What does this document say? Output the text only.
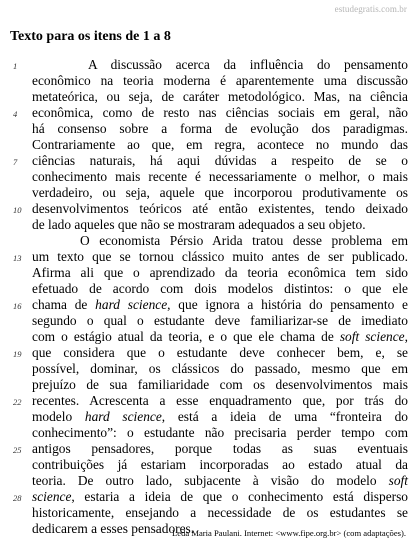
estudegratis.com.br
Texto para os itens de 1 a 8
1
4
7
10
13
16
19
22
25
28
A discussão acerca da influência do pensamento
econômico na teoria moderna é aparentemente uma discussão
metateórica, ou seja, de caráter metodológico. Mas, na ciência
econômica, como de resto nas ciências sociais em geral, não
há consenso sobre a forma de evolução dos paradigmas.
Contrariamente ao que, em regra, acontece no mundo das
ciências naturais, há aqui dúvidas a respeito de se o
conhecimento mais recente é necessariamente o melhor, o mais
verdadeiro, ou seja, aquele que incorporou produtivamente os
desenvolvimentos teóricos até então existentes, tendo deixado
de lado aqueles que não se mostraram adequados a seu objeto.
O economista Pérsio Arida tratou desse problema em
um texto que se tornou clássico muito antes de ser publicado.
Afirma ali que o aprendizado da teoria econômica tem sido
efetuado de acordo com dois modelos distintos: o que ele
chama de hard science, que ignora a história do pensamento e
segundo o qual o estudante deve familiarizar-se de imediato
com o estágio atual da teoria, e o que ele chama de soft science,
que considera que o estudante deve conhecer bem, e, se
possível, dominar, os clássicos do passado, mesmo que em
prejuízo de sua familiaridade com os desenvolvimentos mais
recentes. Acrescenta a esse enquadramento que, por trás do
modelo hard science, está a ideia de uma “fronteira do
conhecimento”: o estudante não precisaria perder tempo com
antigos pensadores, porque todas as suas eventuais
contribuições já estariam incorporadas ao estado atual da
teoria. De outro lado, subjacente à visão do modelo soft
science, estaria a ideia de que o conhecimento está disperso
historicamente, ensejando a necessidade de os estudantes se
dedicarem a esses pensadores.
Leda Maria Paulani. Internet: <www.fipe.org.br> (com adaptações).
